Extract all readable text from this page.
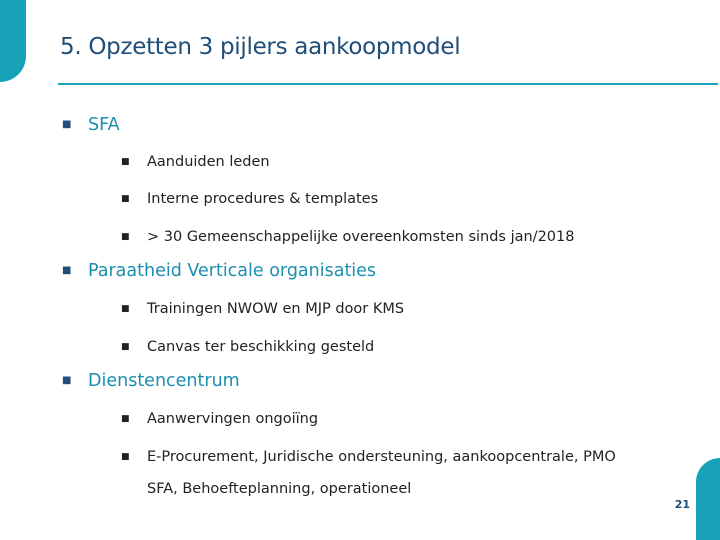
5. Opzetten 3 pijlers aankoopmodel
■ SFA
■ Aanduiden leden
■ Interne procedures & templates
■ > 30 Gemeenschappelijke overeenkomsten sinds jan/2018
■ Paraatheid Verticale organisaties
■ Trainingen NWOW en MJP door KMS
■ Canvas ter beschikking gesteld
■ Dienstencentrum
■ Aanwervingen ongoiïng
■ E-Procurement, Juridische ondersteuning, aankoopcentrale, PMO
SFA, Behoefteplanning, operationeel
21
